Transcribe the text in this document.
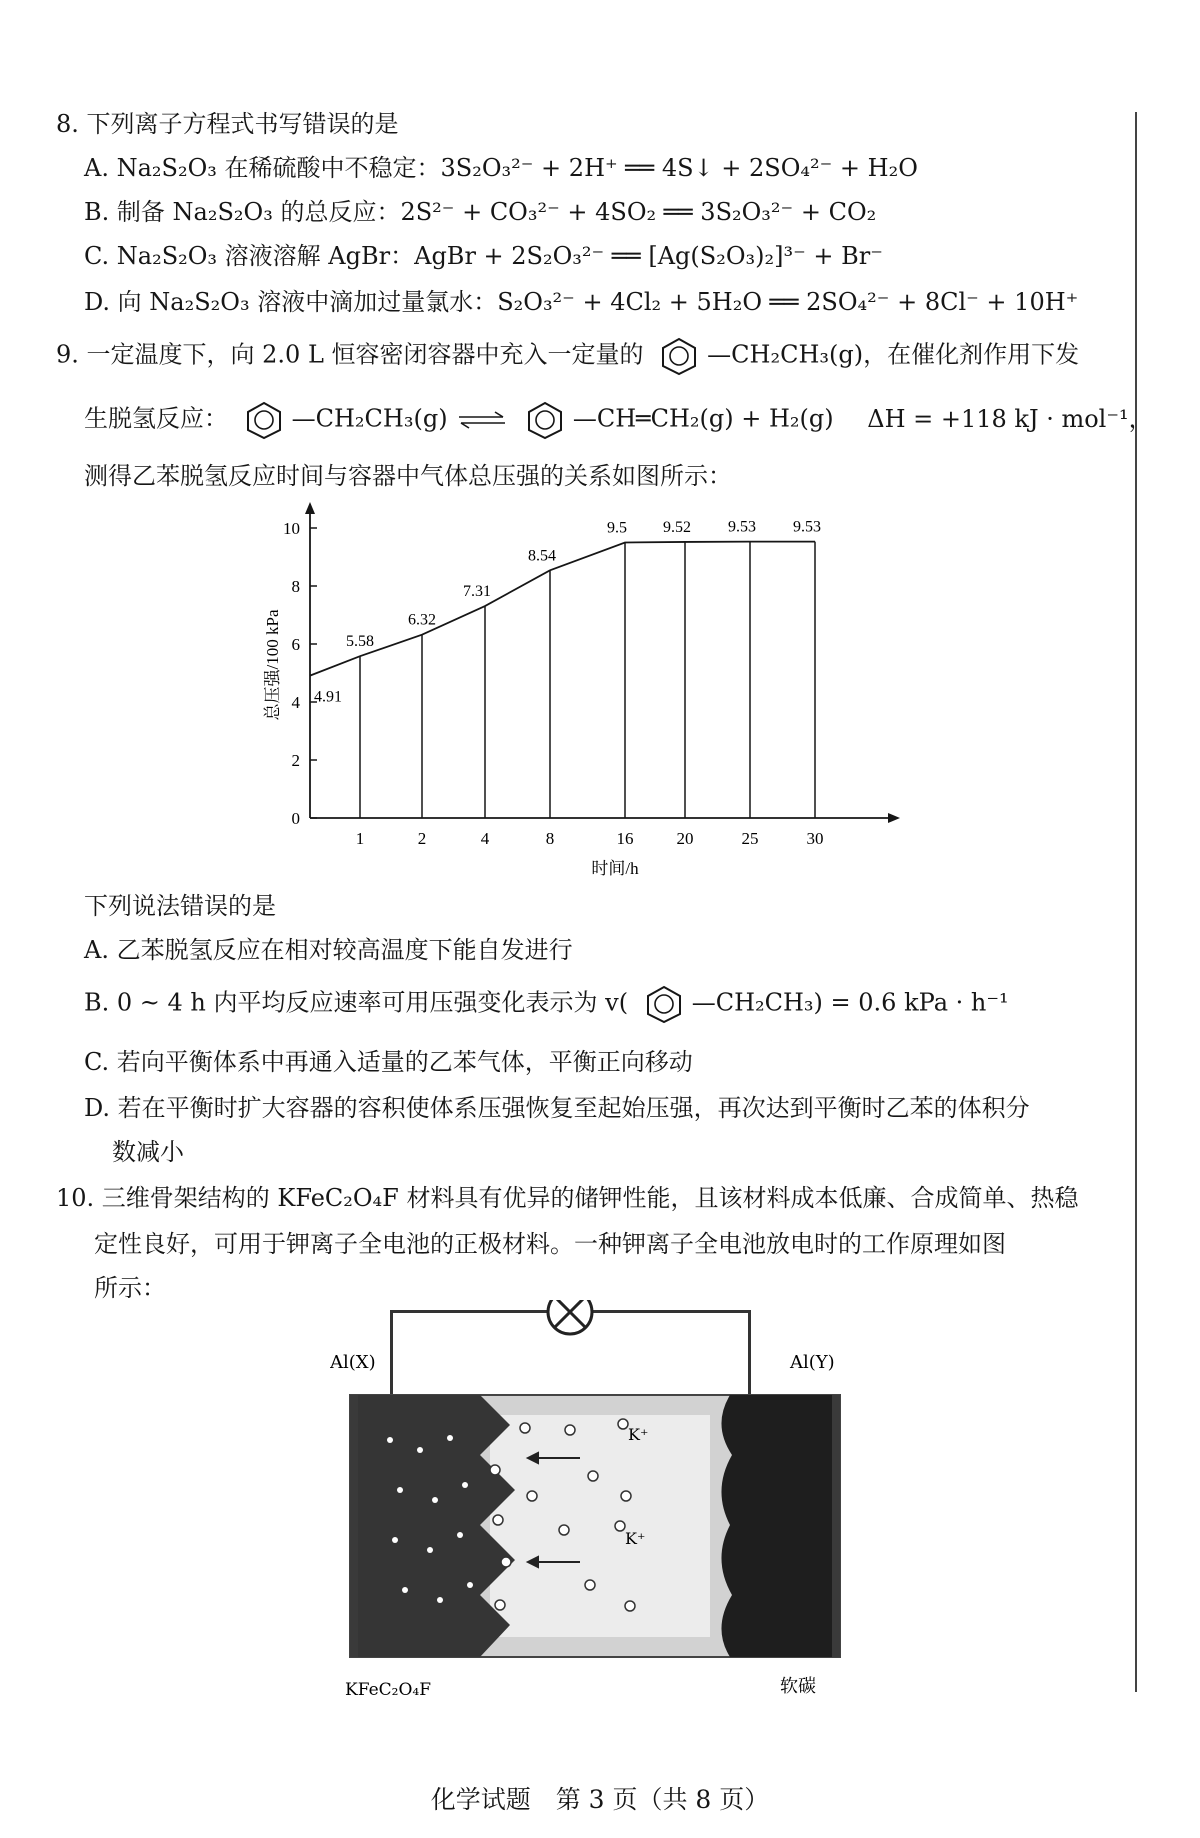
8. 下列离子方程式书写错误的是
A. Na₂S₂O₃ 在稀硫酸中不稳定：3S₂O₃²⁻ + 2H⁺ ══ 4S↓ + 2SO₄²⁻ + H₂O
B. 制备 Na₂S₂O₃ 的总反应：2S²⁻ + CO₃²⁻ + 4SO₂ ══ 3S₂O₃²⁻ + CO₂
C. Na₂S₂O₃ 溶液溶解 AgBr：AgBr + 2S₂O₃²⁻ ══ [Ag(S₂O₃)₂]³⁻ + Br⁻
D. 向 Na₂S₂O₃ 溶液中滴加过量氯水：S₂O₃²⁻ + 4Cl₂ + 5H₂O ══ 2SO₄²⁻ + 8Cl⁻ + 10H⁺
9. 一定温度下，向 2.0 L 恒容密闭容器中充入一定量的	—CH₂CH₃(g)，在催化剂作用下发
生脱氢反应：	—CH₂CH₃(g) ⇌	—CH═CH₂(g) + H₂(g) ΔH = +118 kJ · mol⁻¹，
测得乙苯脱氢反应时间与容器中气体总压强的关系如图所示：
0
2
4
6
8
10
1	2	4	8	16	20	25	30
4.91
5.58
6.32
7.31
8.54
9.5 9.52 9.53 9.53
时间/h
总压强/100 kPa
下列说法错误的是
A. 乙苯脱氢反应在相对较高温度下能自发进行
B. 0 ~ 4 h 内平均反应速率可用压强变化表示为 v(	—CH₂CH₃) = 0.6 kPa · h⁻¹
C. 若向平衡体系中再通入适量的乙苯气体，平衡正向移动
D. 若在平衡时扩大容器的容积使体系压强恢复至起始压强，再次达到平衡时乙苯的体积分
数减小
10. 三维骨架结构的 KFeC₂O₄F 材料具有优异的储钾性能，且该材料成本低廉、合成简单、热稳
定性良好，可用于钾离子全电池的正极材料。一种钾离子全电池放电时的工作原理如图
所示：
Al(X)	Al(Y)
K⁺
K⁺
KFeC₂O₄F	软碳
化学试题　第 3 页（共 8 页）
